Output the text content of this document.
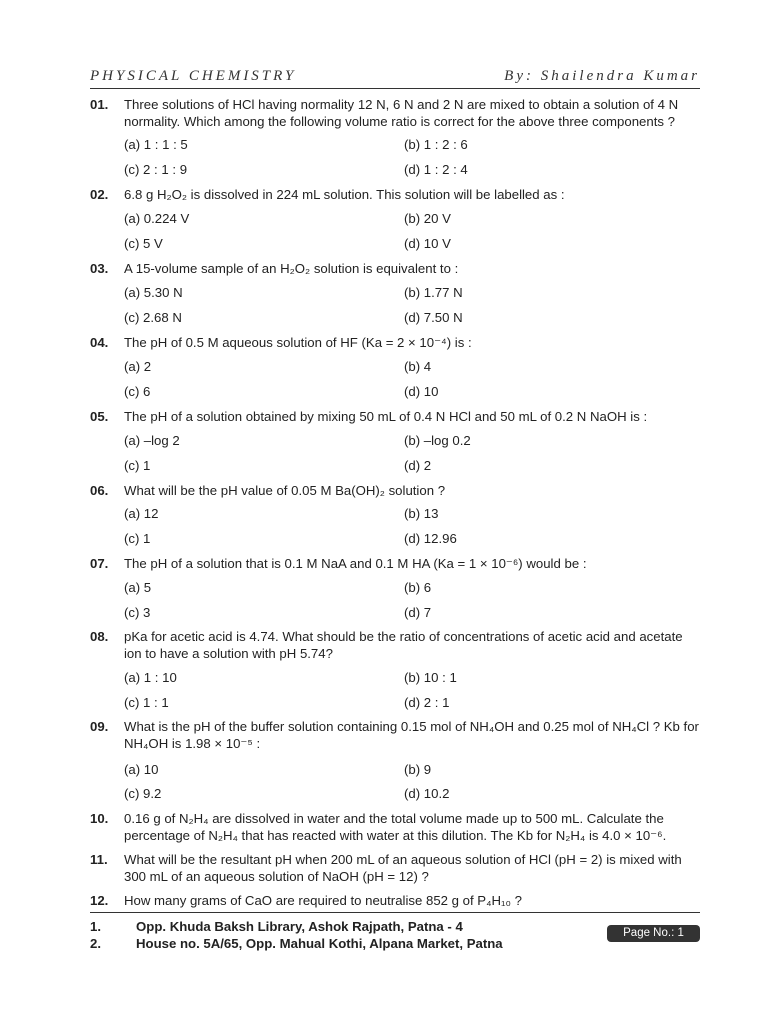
PHYSICAL CHEMISTRY	By: Shailendra Kumar
01. Three solutions of HCl having normality 12 N, 6 N and 2 N are mixed to obtain a solution of 4 N normality. Which among the following volume ratio is correct for the above three components ?
(a) 1 : 1 : 5	(b) 1 : 2 : 6
(c) 2 : 1 : 9	(d) 1 : 2 : 4
02. 6.8 g H₂O₂ is dissolved in 224 mL solution. This solution will be labelled as :
(a) 0.224 V	(b) 20 V
(c) 5 V	(d) 10 V
03. A 15-volume sample of an H₂O₂ solution is equivalent to :
(a) 5.30 N	(b) 1.77 N
(c) 2.68 N	(d) 7.50 N
04. The pH of 0.5 M aqueous solution of HF (Ka = 2 × 10⁻⁴) is :
(a) 2	(b) 4
(c) 6	(d) 10
05. The pH of a solution obtained by mixing 50 mL of 0.4 N HCl and 50 mL of 0.2 N NaOH is :
(a) –log 2	(b) –log 0.2
(c) 1	(d) 2
06. What will be the pH value of 0.05 M Ba(OH)₂ solution ?
(a) 12	(b) 13
(c) 1	(d) 12.96
07. The pH of a solution that is 0.1 M NaA and 0.1 M HA (Ka = 1 × 10⁻⁶) would be :
(a) 5	(b) 6
(c) 3	(d) 7
08. pKa for acetic acid is 4.74. What should be the ratio of concentrations of acetic acid and acetate ion to have a solution with pH 5.74?
(a) 1 : 10	(b) 10 : 1
(c) 1 : 1	(d) 2 : 1
09. What is the pH of the buffer solution containing 0.15 mol of NH₄OH and 0.25 mol of NH₄Cl ? Kb for NH₄OH is 1.98 × 10⁻⁵ :
(a) 10	(b) 9
(c) 9.2	(d) 10.2
10. 0.16 g of N₂H₄ are dissolved in water and the total volume made up to 500 mL. Calculate the percentage of N₂H₄ that has reacted with water at this dilution. The Kb for N₂H₄ is 4.0 × 10⁻⁶.
11. What will be the resultant pH when 200 mL of an aqueous solution of HCl (pH = 2) is mixed with 300 mL of an aqueous solution of NaOH (pH = 12) ?
12. How many grams of CaO are required to neutralise 852 g of P₄H₁₀ ?
1.	Opp. Khuda Baksh Library, Ashok Rajpath, Patna - 4
2.	House no. 5A/65, Opp. Mahual Kothi, Alpana Market, Patna
Page No.: 1
